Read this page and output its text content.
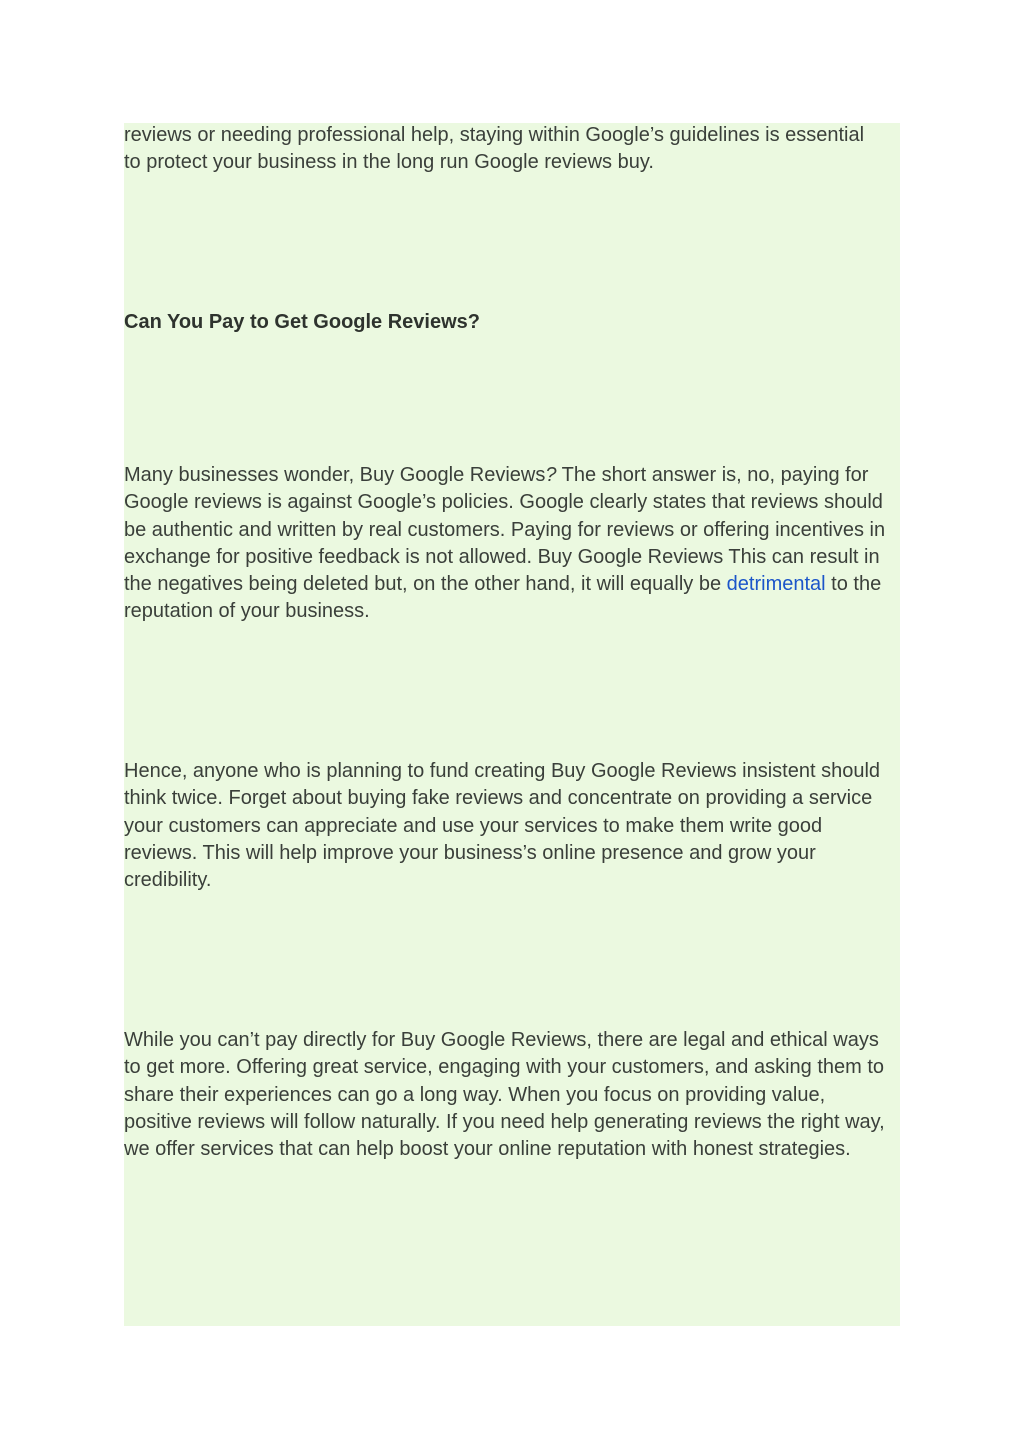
reviews or needing professional help, staying within Google’s guidelines is essential
to protect your business in the long run Google reviews buy.

Can You Pay to Get Google Reviews?

Many businesses wonder, Buy Google Reviews? The short answer is, no, paying for Google reviews is against Google’s policies. Google clearly states that reviews should be authentic and written by real customers. Paying for reviews or offering incentives in exchange for positive feedback is not allowed. Buy Google Reviews This can result in the negatives being deleted but, on the other hand, it will equally be detrimental to the reputation of your business.

Hence, anyone who is planning to fund creating Buy Google Reviews insistent should think twice. Forget about buying fake reviews and concentrate on providing a service your customers can appreciate and use your services to make them write good reviews. This will help improve your business’s online presence and grow your credibility.

While you can’t pay directly for Buy Google Reviews, there are legal and ethical ways to get more. Offering great service, engaging with your customers, and asking them to share their experiences can go a long way. When you focus on providing value, positive reviews will follow naturally. If you need help generating reviews the right way, we offer services that can help boost your online reputation with honest strategies.
